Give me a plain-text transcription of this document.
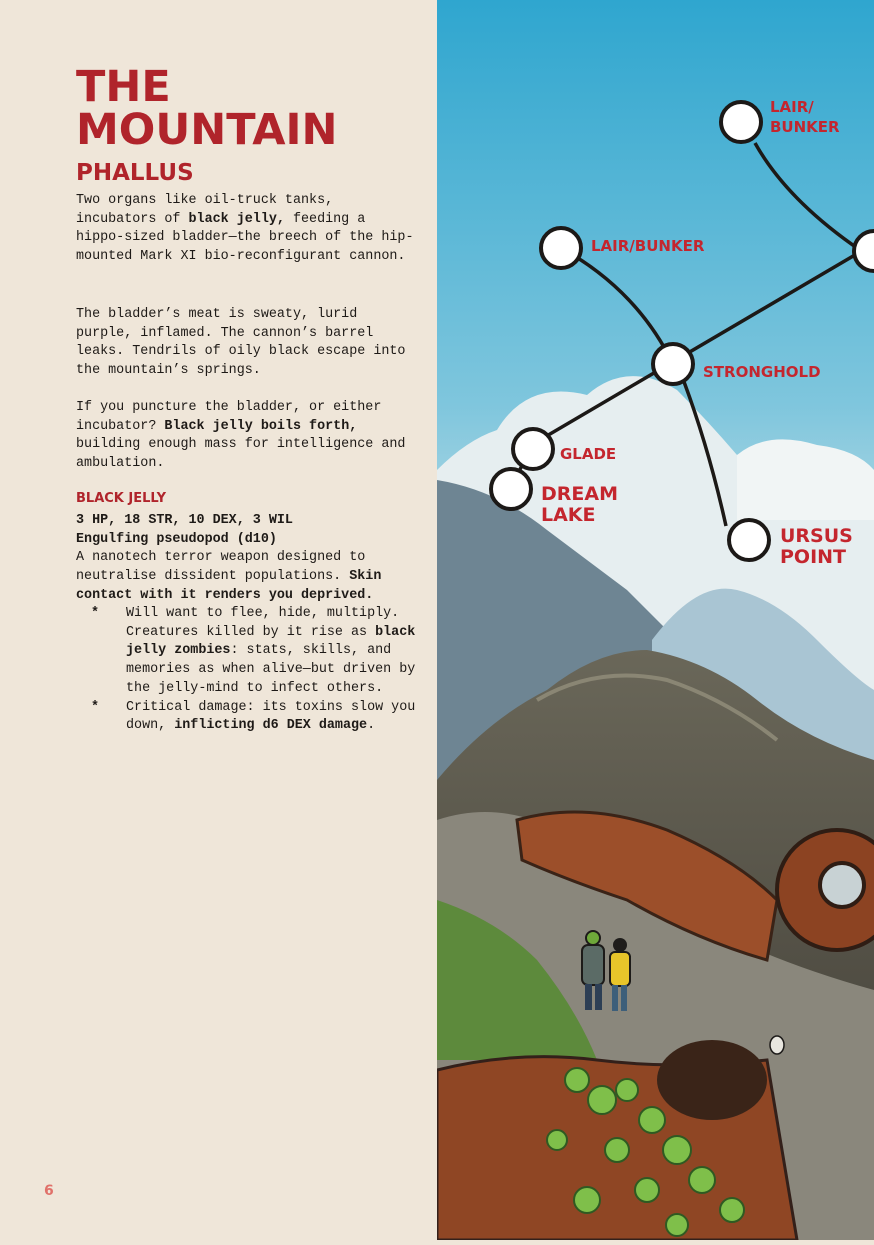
THE MOUNTAIN
PHALLUS

Two organs like oil-truck tanks, incubators of black jelly, feeding a hippo-sized bladder—the breech of the hip-mounted Mark XI bio-reconfigurant cannon.

The bladder’s meat is sweaty, lurid purple, inflamed. The cannon’s barrel leaks. Tendrils of oily black escape into the mountain’s springs.

If you puncture the bladder, or either incubator? Black jelly boils forth, building enough mass for intelligence and ambulation.

BLACK JELLY
3 HP, 18 STR, 10 DEX, 3 WIL
Engulfing pseudopod (d10)
A nanotech terror weapon designed to neutralise dissident populations. Skin contact with it renders you deprived.
* Will want to flee, hide, multiply. Creatures killed by it rise as black jelly zombies: stats, skills, and memories as when alive—but driven by the jelly-mind to infect others.
* Critical damage: its toxins slow you down, inflicting d6 DEX damage.
6
LAIR/
BUNKER
LAIR/BUNKER
STRONGHOLD
GLADE
DREAM
LAKE
URSUS
POINT
